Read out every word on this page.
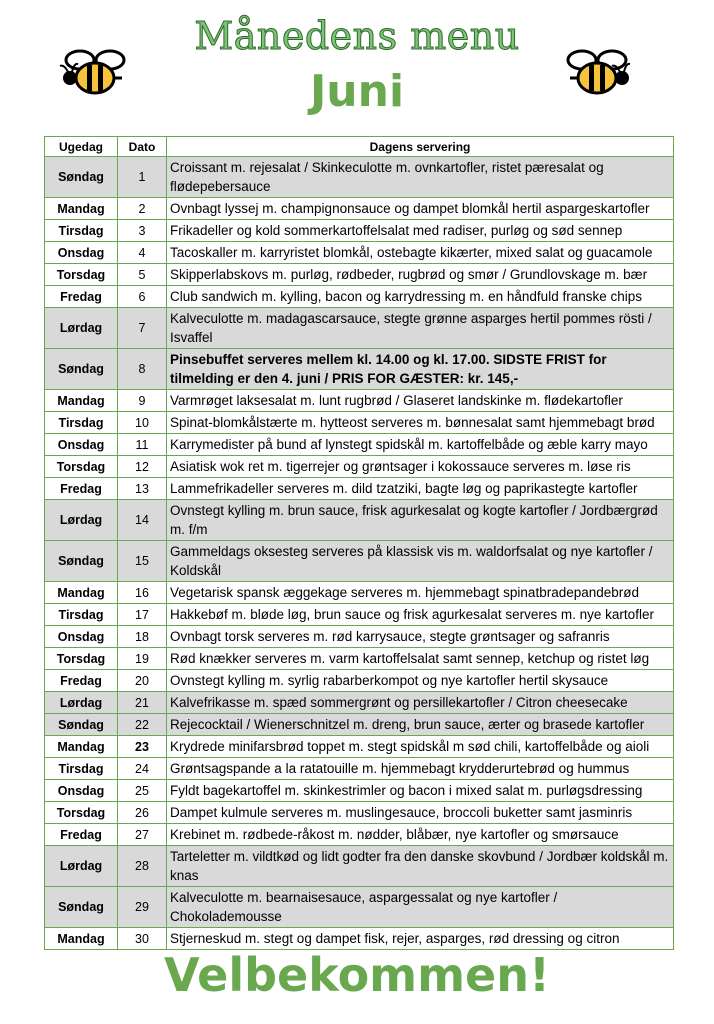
Månedens menu
Juni
Ugedag	Dato	Dagens servering
Søndag	1	Croissant m. rejesalat / Skinkeculotte m. ovnkartofler, ristet pæresalat og flødepebersauce
Mandag	2	Ovnbagt lyssej m. champignonsauce og dampet blomkål hertil aspargeskartofler
Tirsdag	3	Frikadeller og kold sommerkartoffelsalat med radiser, purløg og sød sennep
Onsdag	4	Tacoskaller m. karryristet blomkål, ostebagte kikærter, mixed salat og guacamole
Torsdag	5	Skipperlabskovs m. purløg, rødbeder, rugbrød og smør / Grundlovskage m. bær
Fredag	6	Club sandwich m. kylling, bacon og karrydressing m. en håndfuld franske chips
Lørdag	7	Kalveculotte m. madagascarsauce, stegte grønne asparges hertil pommes rösti / Isvaffel
Søndag	8	Pinsebuffet serveres mellem kl. 14.00 og kl. 17.00. SIDSTE FRIST for tilmelding er den 4. juni / PRIS FOR GÆSTER: kr. 145,-
Mandag	9	Varmrøget laksesalat m. lunt rugbrød / Glaseret landskinke m. flødekartofler
Tirsdag	10	Spinat-blomkålstærte m. hytteost serveres m. bønnesalat samt hjemmebagt brød
Onsdag	11	Karrymedister på bund af lynstegt spidskål m. kartoffelbåde og æble karry mayo
Torsdag	12	Asiatisk wok ret m. tigerrejer og grøntsager i kokossauce serveres m. løse ris
Fredag	13	Lammefrikadeller serveres m. dild tzatziki, bagte løg og paprikastegte kartofler
Lørdag	14	Ovnstegt kylling m. brun sauce, frisk agurkesalat og kogte kartofler / Jordbærgrød m. f/m
Søndag	15	Gammeldags oksesteg serveres på klassisk vis m. waldorfsalat og nye kartofler / Koldskål
Mandag	16	Vegetarisk spansk æggekage serveres m. hjemmebagt spinatbradepandebrød
Tirsdag	17	Hakkebøf m. bløde løg, brun sauce og frisk agurkesalat serveres m. nye kartofler
Onsdag	18	Ovnbagt torsk serveres m. rød karrysauce, stegte grøntsager og safranris
Torsdag	19	Rød knækker serveres m. varm kartoffelsalat samt sennep, ketchup og ristet løg
Fredag	20	Ovnstegt kylling m. syrlig rabarberkompot og nye kartofler hertil skysauce
Lørdag	21	Kalvefrikasse m. spæd sommergrønt og persillekartofler / Citron cheesecake
Søndag	22	Rejecocktail / Wienerschnitzel m. dreng, brun sauce, ærter og brasede kartofler
Mandag	23	Krydrede minifarsbrød toppet m. stegt spidskål m sød chili, kartoffelbåde og aioli
Tirsdag	24	Grøntsagspande a la ratatouille m. hjemmebagt krydderurtebrød og hummus
Onsdag	25	Fyldt bagekartoffel m. skinkestrimler og bacon i mixed salat m. purløgsdressing
Torsdag	26	Dampet kulmule serveres m. muslingesauce, broccoli buketter samt jasminris
Fredag	27	Krebinet m. rødbede-råkost m. nødder, blåbær, nye kartofler og smørsauce
Lørdag	28	Tarteletter m. vildtkød og lidt godter fra den danske skovbund / Jordbær koldskål m. knas
Søndag	29	Kalveculotte m. bearnaisesauce, aspargessalat og nye kartofler / Chokolademousse
Mandag	30	Stjerneskud m. stegt og dampet fisk, rejer, asparges, rød dressing og citron
Velbekommen!
